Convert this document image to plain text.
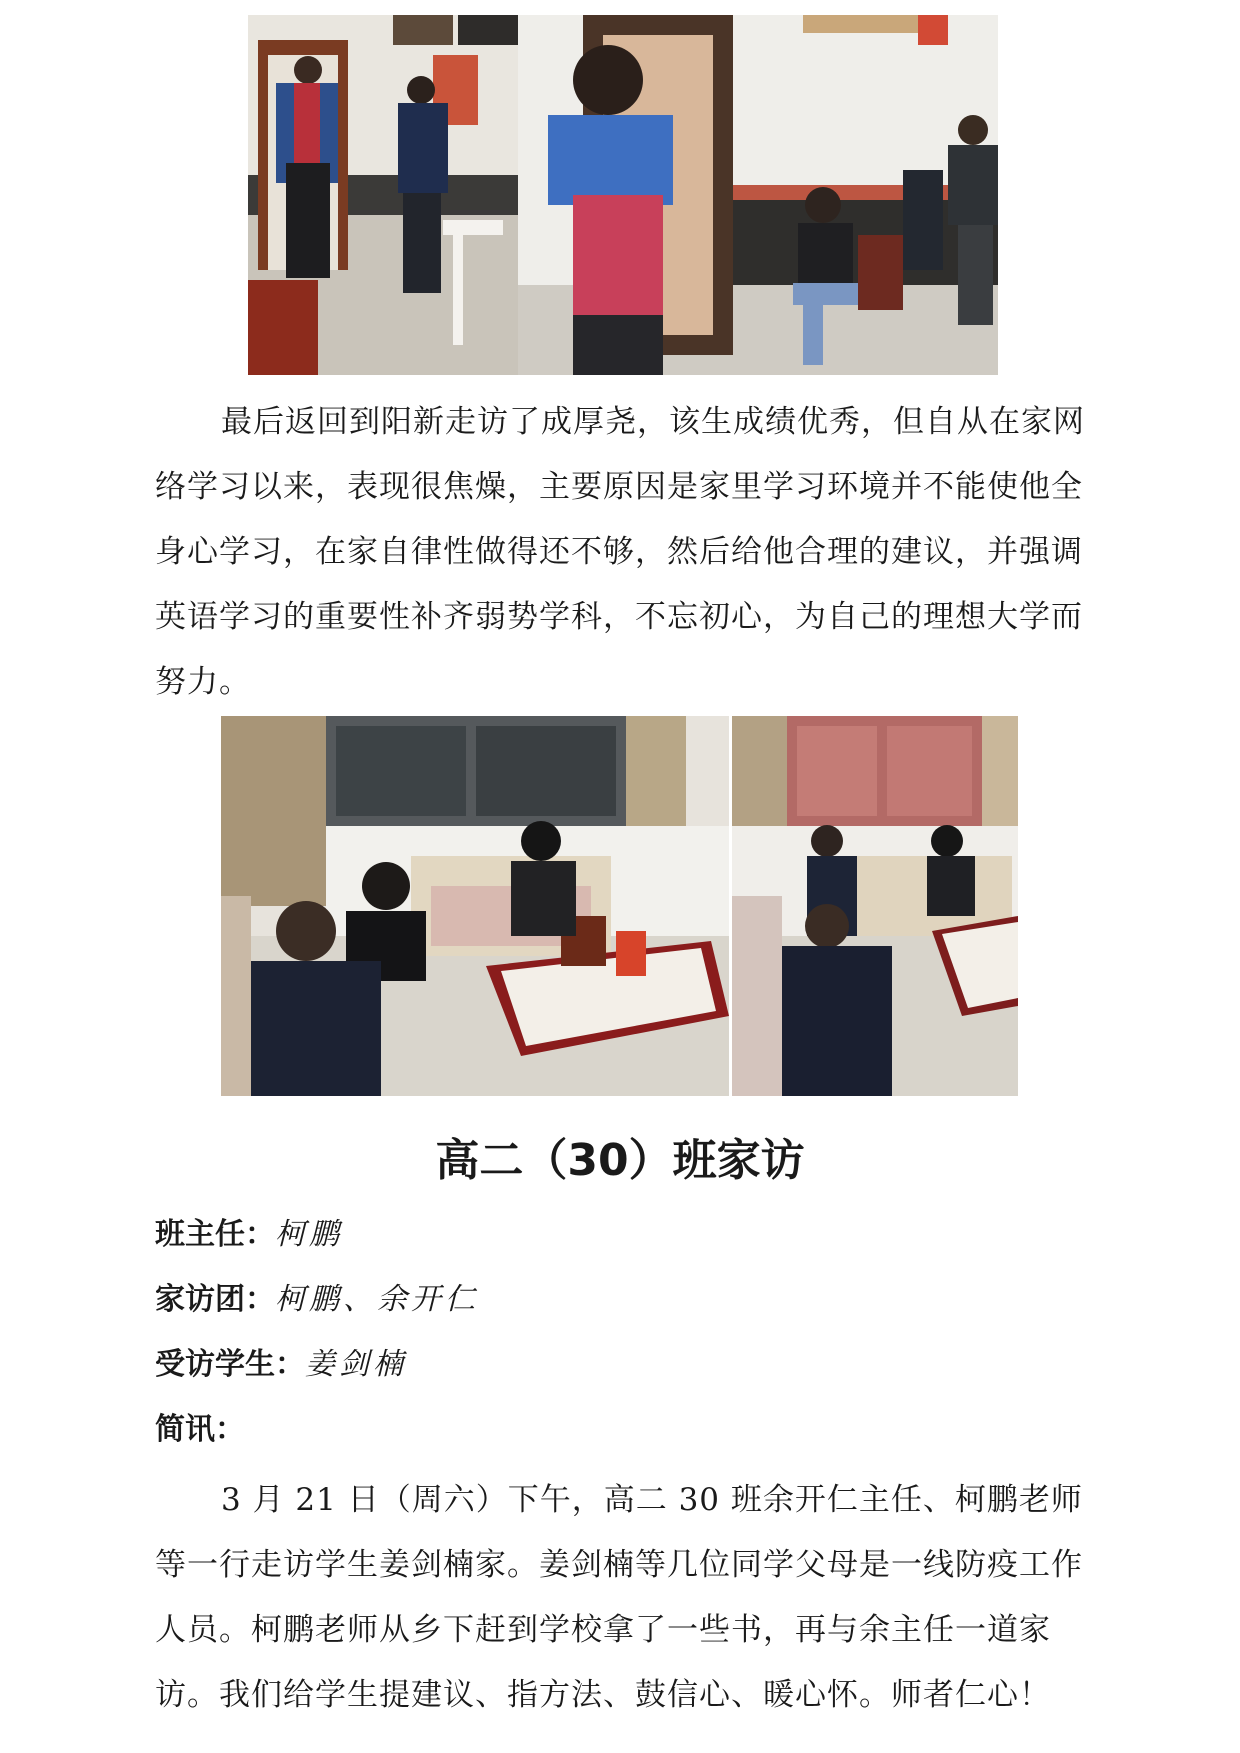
最后返回到阳新走访了成厚尧，该生成绩优秀，但自从在家网络学习以来，表现很焦燥，主要原因是家里学习环境并不能使他全身心学习，在家自律性做得还不够，然后给他合理的建议，并强调英语学习的重要性补齐弱势学科，不忘初心，为自己的理想大学而努力。

高二（30）班家访
班主任：柯鹏
家访团：柯鹏、余开仁
受访学生：姜剑楠
简讯：

3 月 21 日（周六）下午，高二 30 班余开仁主任、柯鹏老师等一行走访学生姜剑楠家。姜剑楠等几位同学父母是一线防疫工作人员。柯鹏老师从乡下赶到学校拿了一些书，再与余主任一道家访。我们给学生提建议、指方法、鼓信心、暖心怀。师者仁心！
